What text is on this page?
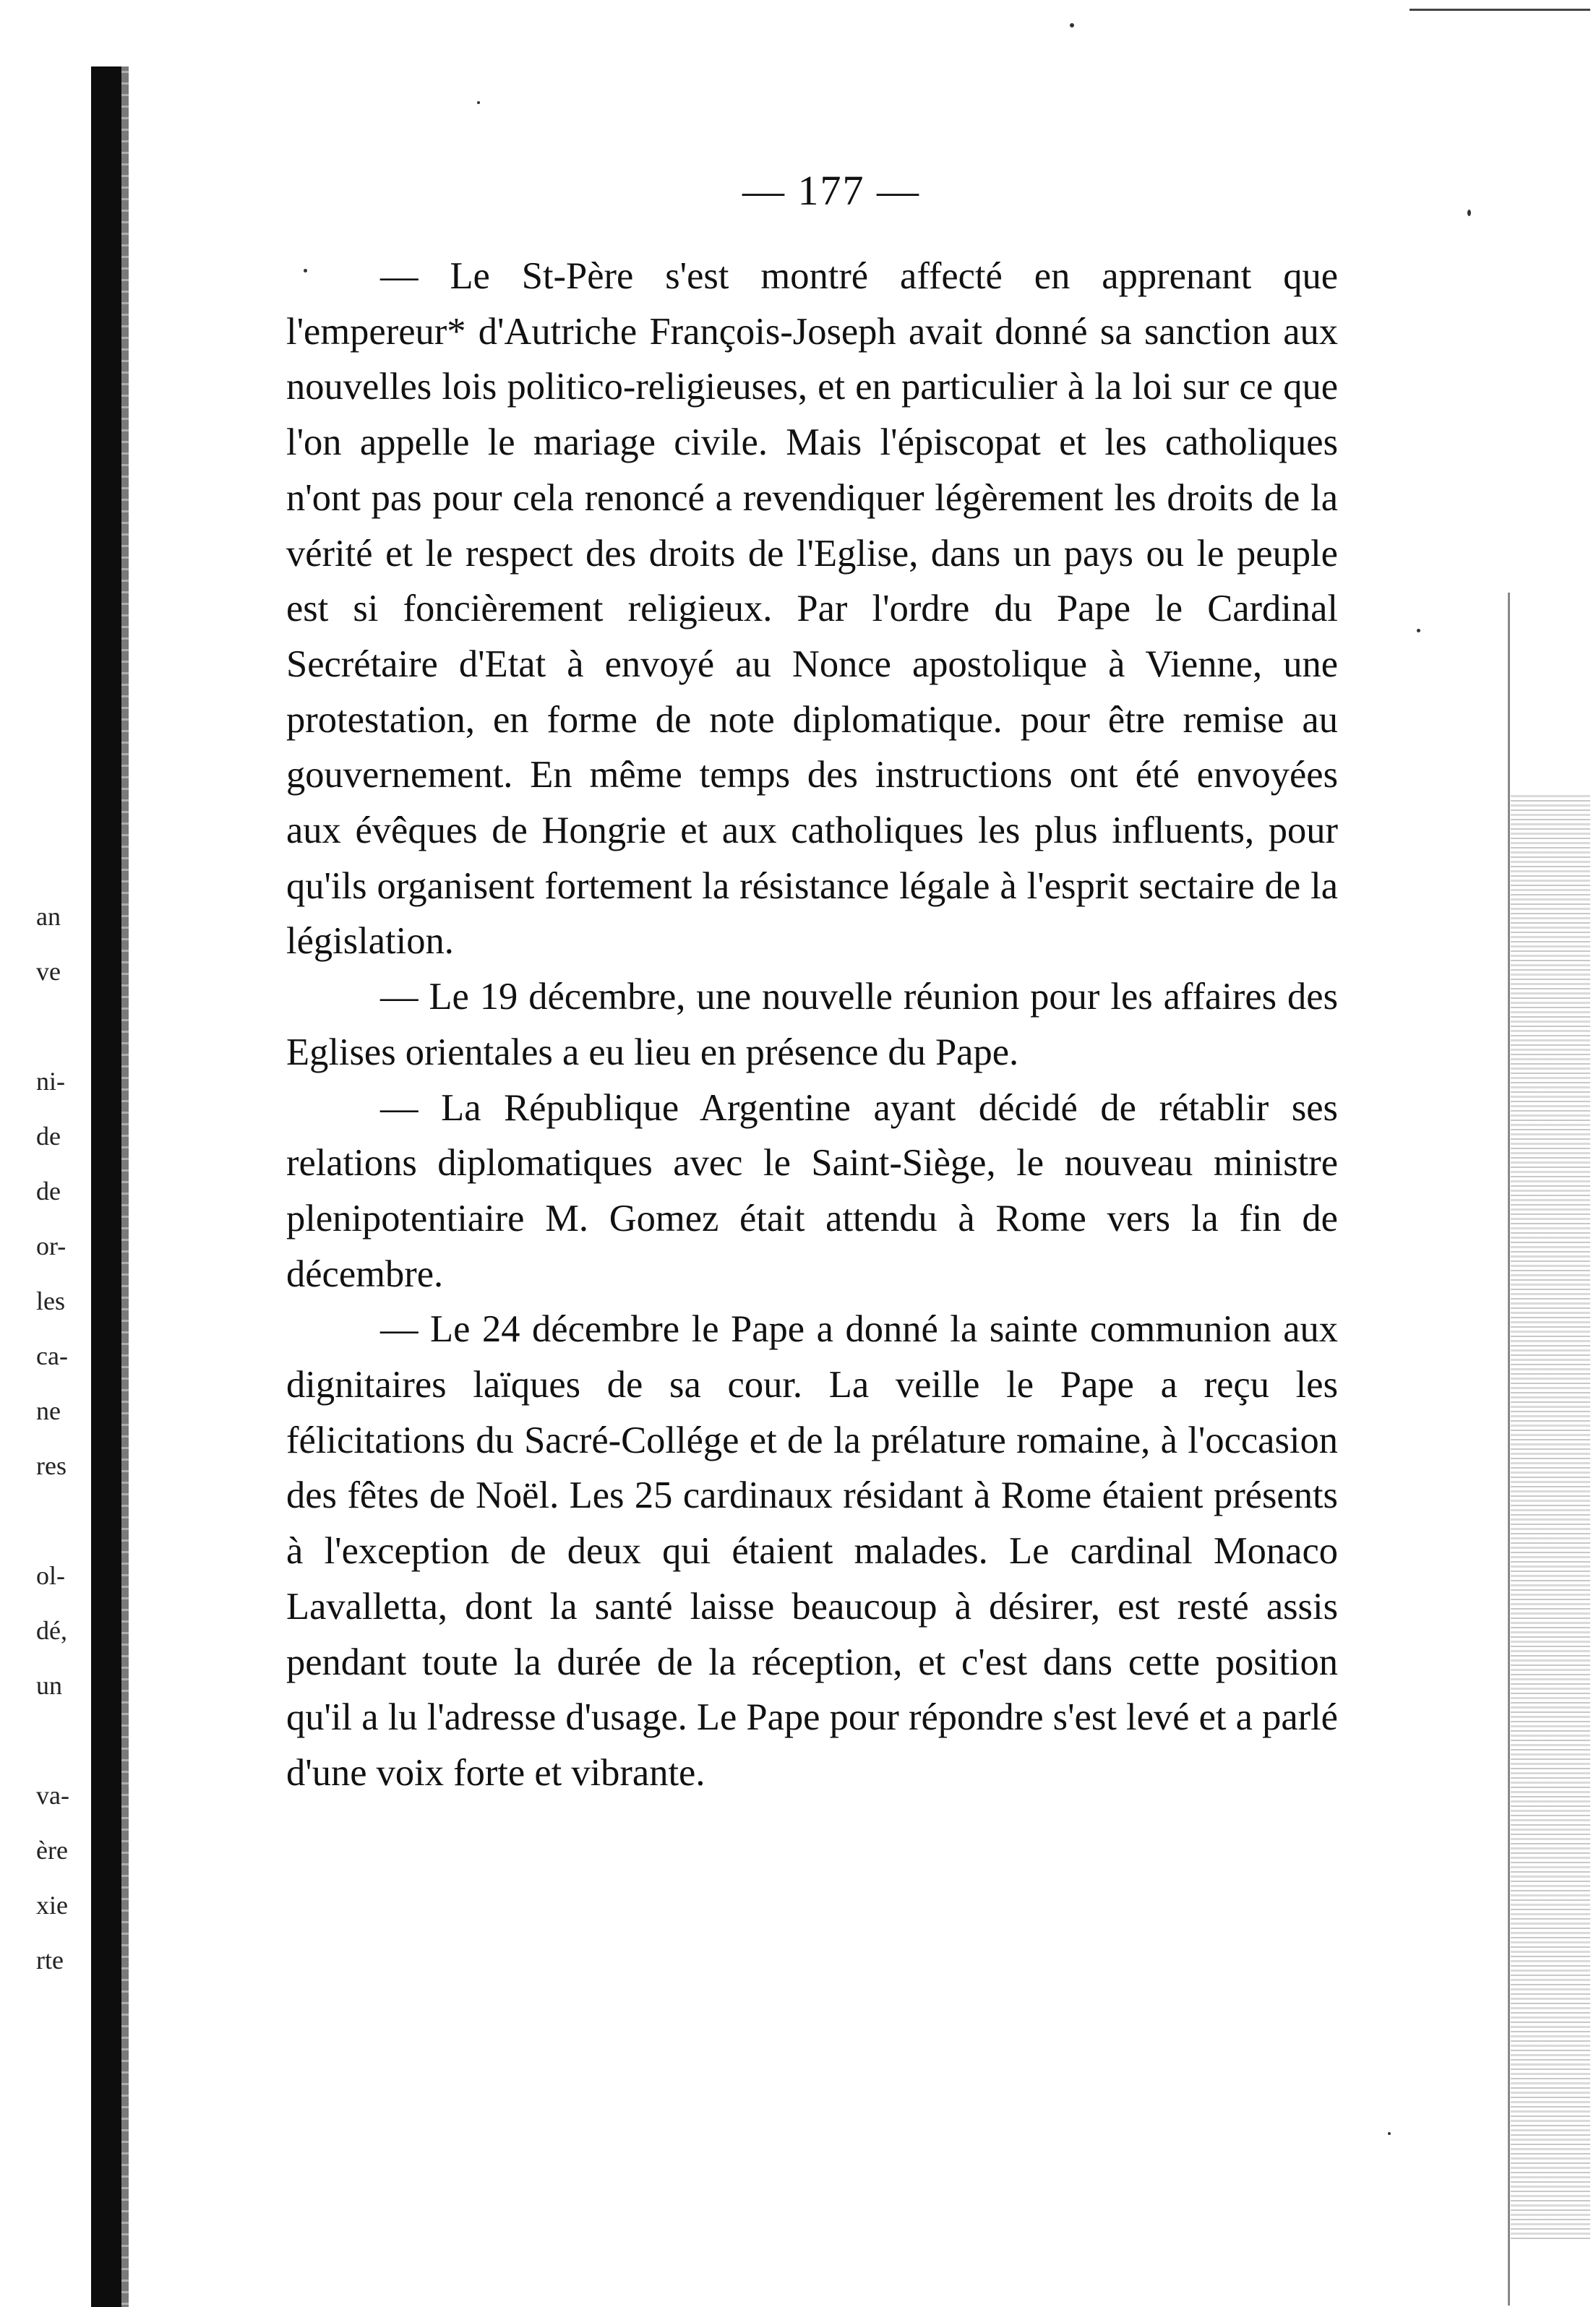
an
ve
ni-
de
de
or-
les
ca-
ne
res
ol-
dé,
un
va-
ère
xie
rte
— 177 —

— Le St-Père s'est montré affecté en apprenant que l'empereur* d'Autriche François-Joseph avait donné sa sanction aux nouvelles lois politico-religieuses, et en particulier à la loi sur ce que l'on appelle le mariage civile. Mais l'épiscopat et les catholiques n'ont pas pour cela renoncé a revendiquer légèrement les droits de la vérité et le respect des droits de l'Eglise, dans un pays ou le peuple est si foncièrement religieux. Par l'ordre du Pape le Cardinal Secrétaire d'Etat à envoyé au Nonce apostolique à Vienne, une protestation, en forme de note diplomatique. pour être remise au gouvernement. En même temps des instructions ont été envoyées aux évêques de Hongrie et aux catholiques les plus influents, pour qu'ils organisent fortement la résistance légale à l'esprit sectaire de la législation.

— Le 19 décembre, une nouvelle réunion pour les affaires des Eglises orientales a eu lieu en présence du Pape.

— La République Argentine ayant décidé de rétablir ses relations diplomatiques avec le Saint-Siège, le nouveau ministre plenipotentiaire M. Gomez était attendu à Rome vers la fin de décembre.

— Le 24 décembre le Pape a donné la sainte communion aux dignitaires laïques de sa cour. La veille le Pape a reçu les félicitations du Sacré-Collége et de la prélature romaine, à l'occasion des fêtes de Noël. Les 25 cardinaux résidant à Rome étaient présents à l'exception de deux qui étaient malades. Le cardinal Monaco Lavalletta, dont la santé laisse beaucoup à désirer, est resté assis pendant toute la durée de la réception, et c'est dans cette position qu'il a lu l'adresse d'usage. Le Pape pour répondre s'est levé et a parlé d'une voix forte et vibrante.
